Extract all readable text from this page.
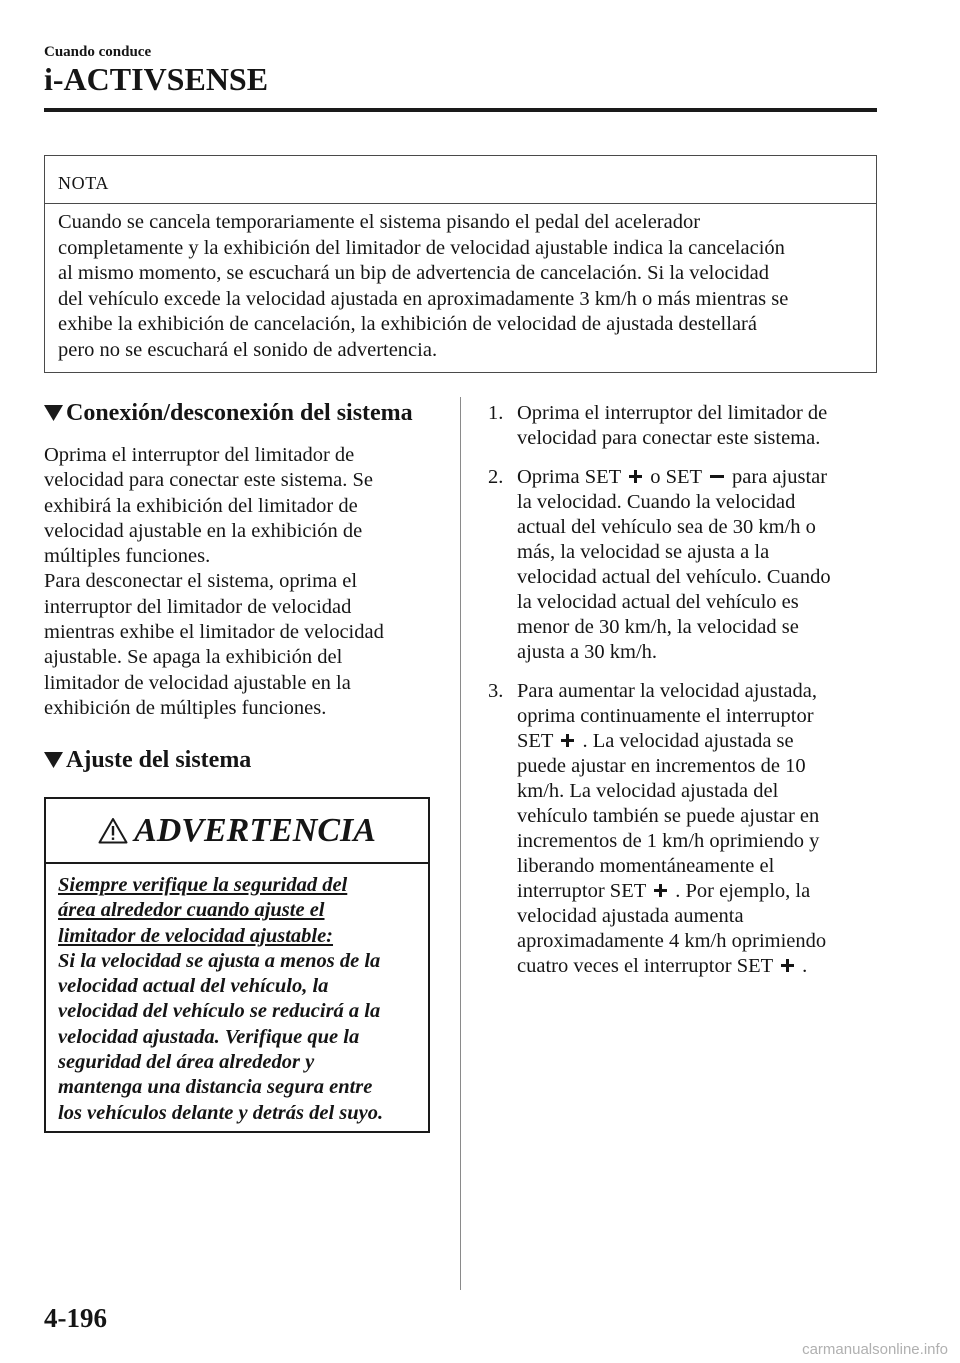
Cuando conduce
i-ACTIVSENSE
NOTA
Cuando se cancela temporariamente el sistema pisando el pedal del acelerador
completamente y la exhibición del limitador de velocidad ajustable indica la cancelación
al mismo momento, se escuchará un bip de advertencia de cancelación. Si la velocidad
del vehículo excede la velocidad ajustada en aproximadamente 3 km/h o más mientras se
exhibe la exhibición de cancelación, la exhibición de velocidad de ajustada destellará
pero no se escuchará el sonido de advertencia.
Conexión/desconexión del sistema
Oprima el interruptor del limitador de
velocidad para conectar este sistema. Se
exhibirá la exhibición del limitador de
velocidad ajustable en la exhibición de
múltiples funciones.
Para desconectar el sistema, oprima el
interruptor del limitador de velocidad
mientras exhibe el limitador de velocidad
ajustable. Se apaga la exhibición del
limitador de velocidad ajustable en la
exhibición de múltiples funciones.
Ajuste del sistema
ADVERTENCIA
Siempre verifique la seguridad del
área alrededor cuando ajuste el
limitador de velocidad ajustable:
Si la velocidad se ajusta a menos de la
velocidad actual del vehículo, la
velocidad del vehículo se reducirá a la
velocidad ajustada. Verifique que la
seguridad del área alrededor y
mantenga una distancia segura entre
los vehículos delante y detrás del suyo.
1. Oprima el interruptor del limitador de
velocidad para conectar este sistema.
2. Oprima SET o SET para ajustar
la velocidad. Cuando la velocidad
actual del vehículo sea de 30 km/h o
más, la velocidad se ajusta a la
velocidad actual del vehículo. Cuando
la velocidad actual del vehículo es
menor de 30 km/h, la velocidad se
ajusta a 30 km/h.
3. Para aumentar la velocidad ajustada,
oprima continuamente el interruptor
SET . La velocidad ajustada se
puede ajustar en incrementos de 10
km/h. La velocidad ajustada del
vehículo también se puede ajustar en
incrementos de 1 km/h oprimiendo y
liberando momentáneamente el
interruptor SET . Por ejemplo, la
velocidad ajustada aumenta
aproximadamente 4 km/h oprimiendo
cuatro veces el interruptor SET .
4-196
carmanualsonline.info
